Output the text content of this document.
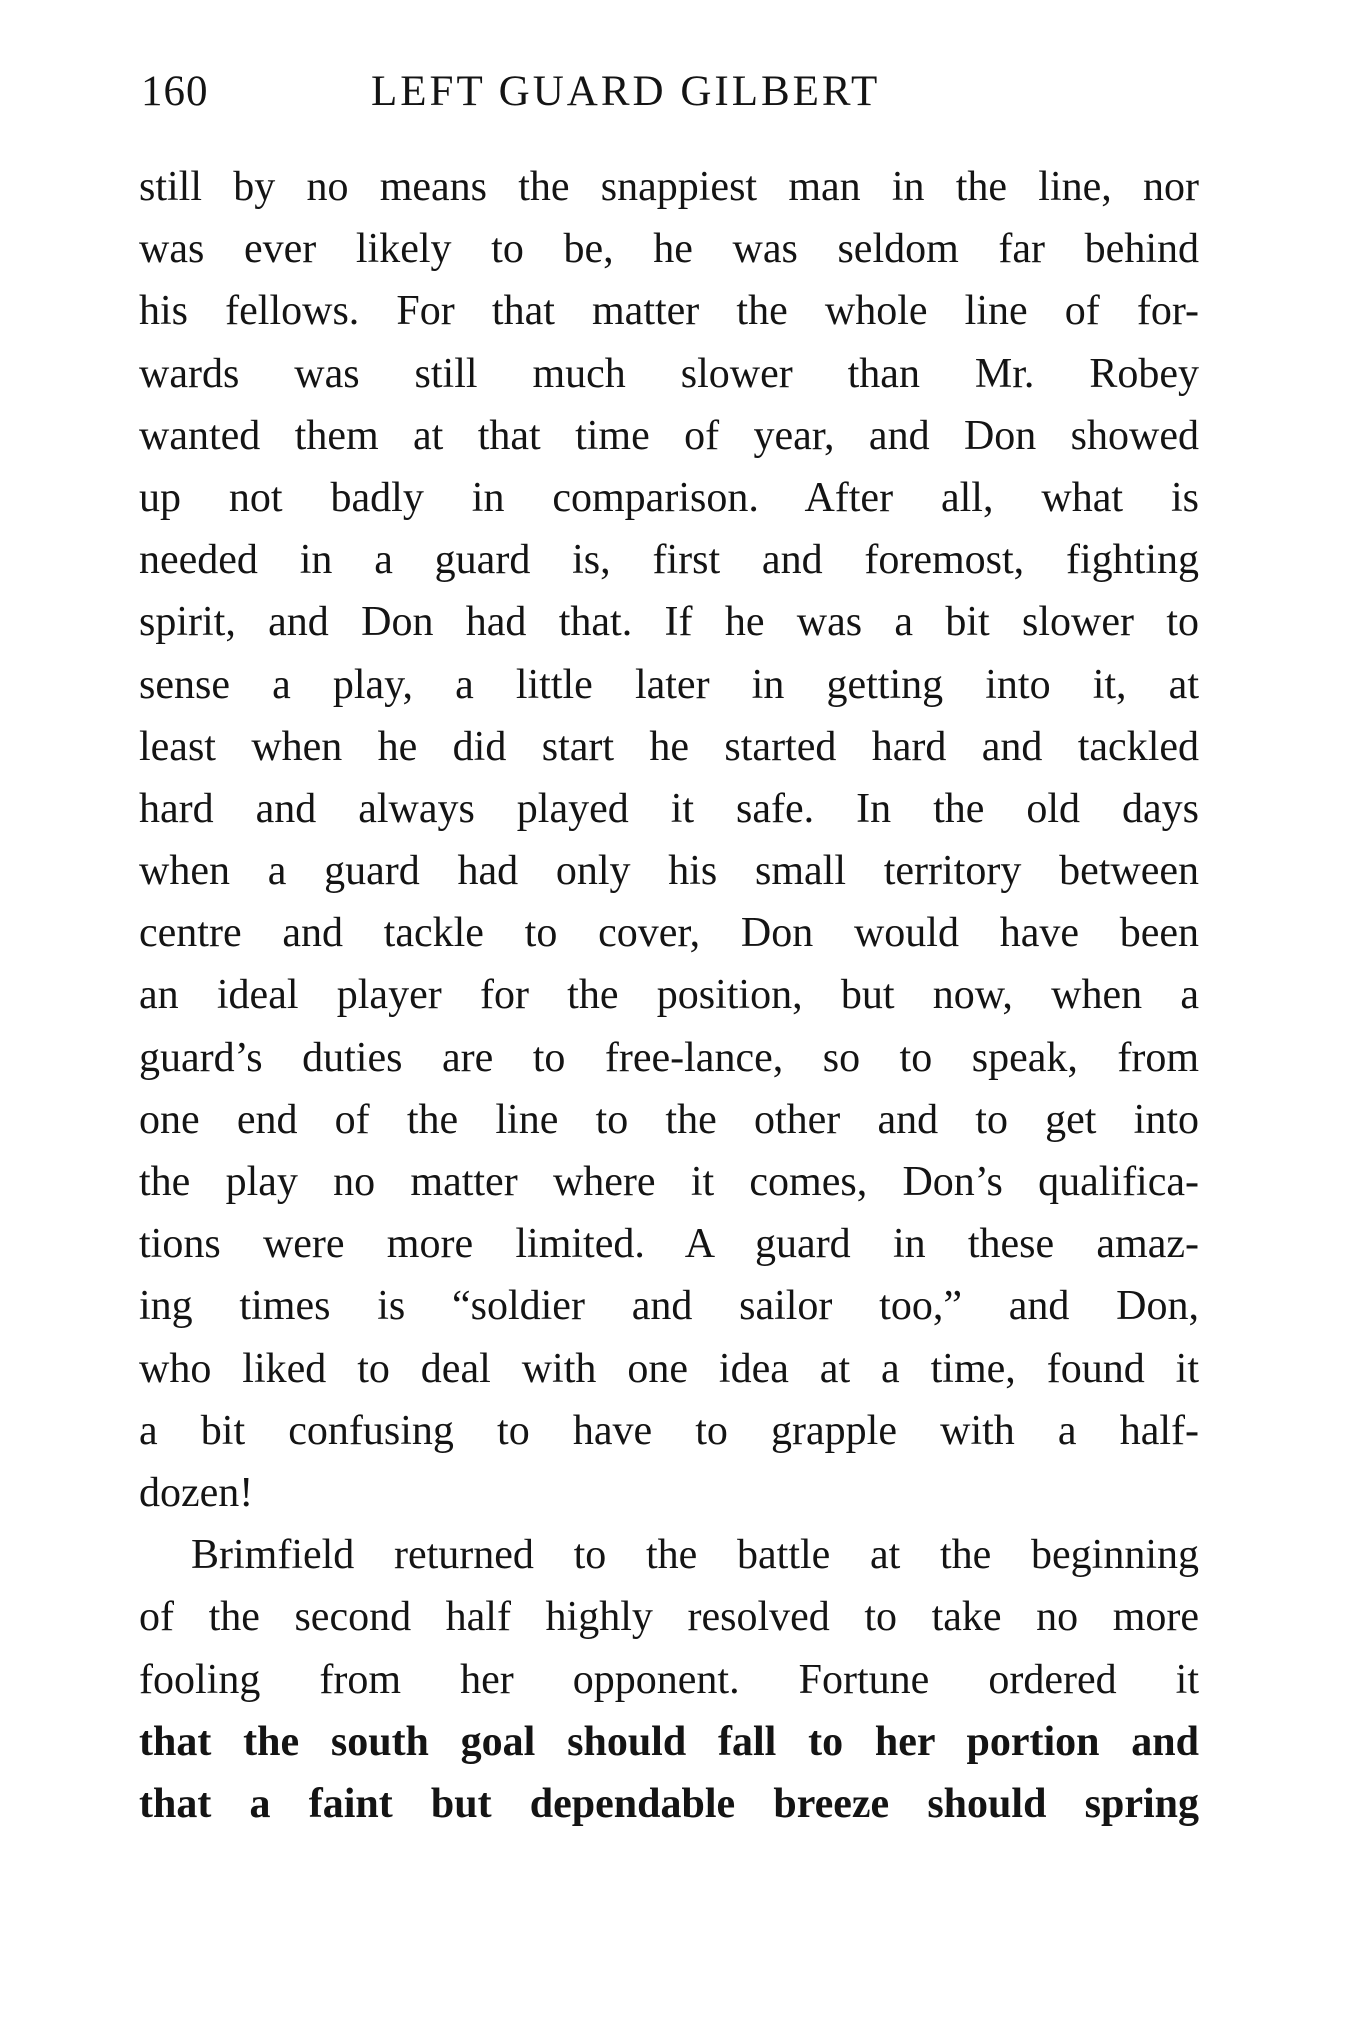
160	LEFT GUARD GILBERT
still by no means the snappiest man in the line, nor
was ever likely to be, he was seldom far behind
his fellows. For that matter the whole line of for-
wards was still much slower than Mr. Robey
wanted them at that time of year, and Don showed
up not badly in comparison. After all, what is
needed in a guard is, first and foremost, fighting
spirit, and Don had that. If he was a bit slower to
sense a play, a little later in getting into it, at
least when he did start he started hard and tackled
hard and always played it safe. In the old days
when a guard had only his small territory between
centre and tackle to cover, Don would have been
an ideal player for the position, but now, when a
guard’s duties are to free-lance, so to speak, from
one end of the line to the other and to get into
the play no matter where it comes, Don’s qualifica-
tions were more limited. A guard in these amaz-
ing times is “soldier and sailor too,” and Don,
who liked to deal with one idea at a time, found it
a bit confusing to have to grapple with a half-
dozen!
Brimfield returned to the battle at the beginning
of the second half highly resolved to take no more
fooling from her opponent. Fortune ordered it
that the south goal should fall to her portion and
that a faint but dependable breeze should spring
